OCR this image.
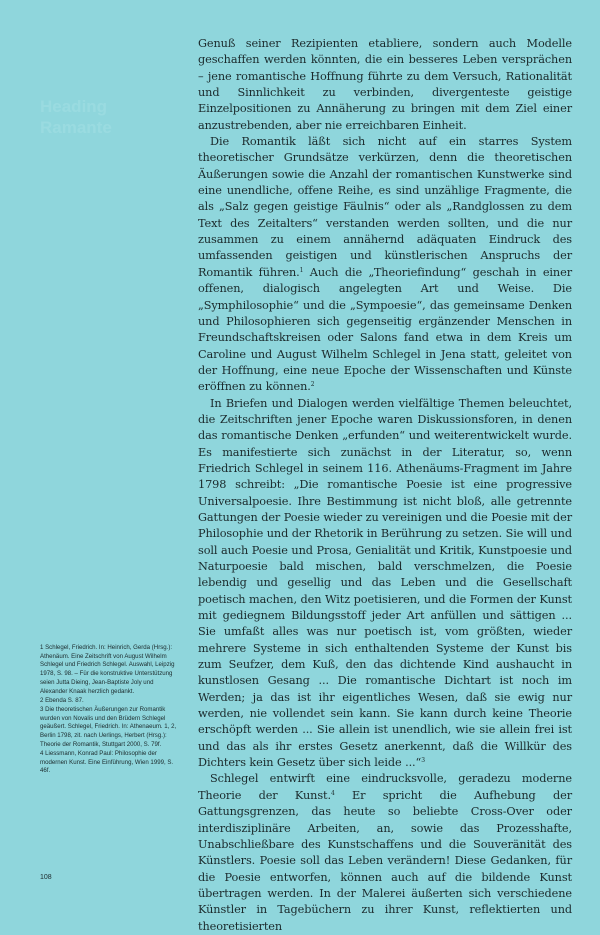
Heading
Ramante

Genuß seiner Rezipienten etabliere, sondern auch Modelle geschaffen werden könnten, die ein besseres Leben versprächen – jene romantische Hoffnung führte zu dem Versuch, Rationalität und Sinnlichkeit zu verbinden, divergenteste geistige Einzelpositionen zu Annäherung zu bringen mit dem Ziel einer anzustrebenden, aber nie erreichbaren Einheit.

Die Romantik läßt sich nicht auf ein starres System theoretischer Grundsätze verkürzen, denn die theoretischen Äußerungen sowie die Anzahl der romantischen Kunstwerke sind eine unendliche, offene Reihe, es sind unzählige Fragmente, die als „Salz gegen geistige Fäulnis“ oder als „Randglossen zu dem Text des Zeitalters“ verstanden werden sollten, und die nur zusammen zu einem annähernd adäquaten Eindruck des umfassenden geistigen und künstlerischen Anspruchs der Romantik führen.$^1$ Auch die „Theoriefindung“ geschah in einer offenen, dialogisch angelegten Art und Weise. Die „Symphilosophie“ und die „Sympoesie“, das gemeinsame Denken und Philosophieren sich gegenseitig ergänzender Menschen in Freundschaftskreisen oder Salons fand etwa in dem Kreis um Caroline und August Wilhelm Schlegel in Jena statt, geleitet von der Hoffnung, eine neue Epoche der Wissenschaften und Künste eröffnen zu können.$^2$

In Briefen und Dialogen werden vielfältige Themen beleuchtet, die Zeitschriften jener Epoche waren Diskussionsforen, in denen das romantische Denken „erfunden“ und weiterentwickelt wurde. Es manifestierte sich zunächst in der Literatur, so, wenn Friedrich Schlegel in seinem 116. Athenäums-Fragment im Jahre 1798 schreibt: „Die romantische Poesie ist eine progressive Universalpoesie. Ihre Bestimmung ist nicht bloß, alle getrennte Gattungen der Poesie wieder zu vereinigen und die Poesie mit der Philosophie und der Rhetorik in Berührung zu setzen. Sie will und soll auch Poesie und Prosa, Genialität und Kritik, Kunstpoesie und Naturpoesie bald mischen, bald verschmelzen, die Poesie lebendig und gesellig und das Leben und die Gesellschaft poetisch machen, den Witz poetisieren, und die Formen der Kunst mit gediegnem Bildungsstoff jeder Art anfüllen und sättigen ... Sie umfaßt alles was nur poetisch ist, vom größten, wieder mehrere Systeme in sich enthaltenden Systeme der Kunst bis zum Seufzer, dem Kuß, den das dichtende Kind aushaucht in kunstlosen Gesang ... Die romantische Dichtart ist noch im Werden; ja das ist ihr eigentliches Wesen, daß sie ewig nur werden, nie vollendet sein kann. Sie kann durch keine Theorie erschöpft werden ... Sie allein ist unendlich, wie sie allein frei ist und das als ihr erstes Gesetz anerkennt, daß die Willkür des Dichters kein Gesetz über sich leide ...“$^3$

Schlegel entwirft eine eindrucksvolle, geradezu moderne Theorie der Kunst.$^4$ Er spricht die Aufhebung der Gattungsgrenzen, das heute so beliebte Cross-Over oder interdisziplinäre Arbeiten, an, sowie das Prozesshafte, Unabschließbare des Kunstschaffens und die Souveränität des Künstlers. Poesie soll das Leben verändern! Diese Gedanken, für die Poesie entworfen, können auch auf die bildende Kunst übertragen werden. In der Malerei äußerten sich verschiedene Künstler in Tagebüchern zu ihrer Kunst, reflektierten und theoretisierten

1 Schlegel, Friedrich. In: Heinrich, Gerda (Hrsg.): Athenäum. Eine Zeitschrift von August Wilhelm Schlegel und Friedrich Schlegel. Auswahl, Leipzig 1978, S. 98. – Für die konstruktive Unterstützung seien Jutta Dieing, Jean-Baptiste Joly und Alexander Knaak herzlich gedankt.
2 Ebenda S. 87.
3 Die theoretischen Äußerungen zur Romantik wurden von Novalis und den Brüdern Schlegel geäußert. Schlegel, Friedrich. In: Athenaeum. 1, 2, Berlin 1798, zit. nach Uerlings, Herbert (Hrsg.): Theorie der Romantik, Stuttgart 2000, S. 79f.
4 Liessmann, Konrad Paul: Philosophie der modernen Kunst. Eine Einführung, Wien 1999, S. 46f.
108
